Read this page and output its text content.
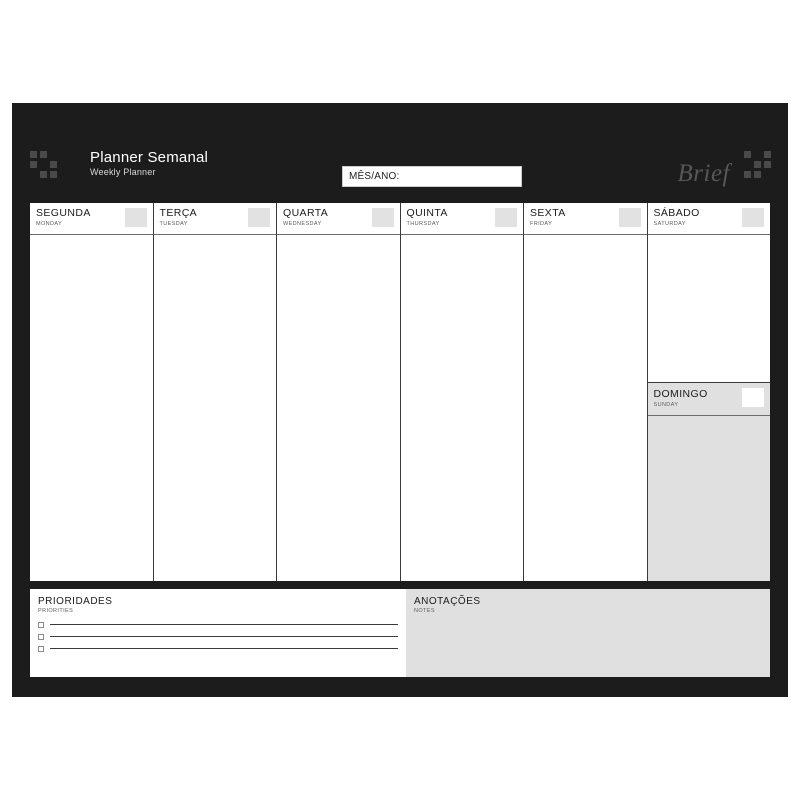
Planner Semanal
Weekly Planner	MÊS/ANO:	Brief
SEGUNDA
MONDAY
TERÇA
TUESDAY
QUARTA
WEDNESDAY
QUINTA
THURSDAY
SEXTA
FRIDAY
SÁBADO
SATURDAY
DOMINGO
SUNDAY
PRIORIDADES
PRIORITIES
ANOTAÇÕES
NOTES
